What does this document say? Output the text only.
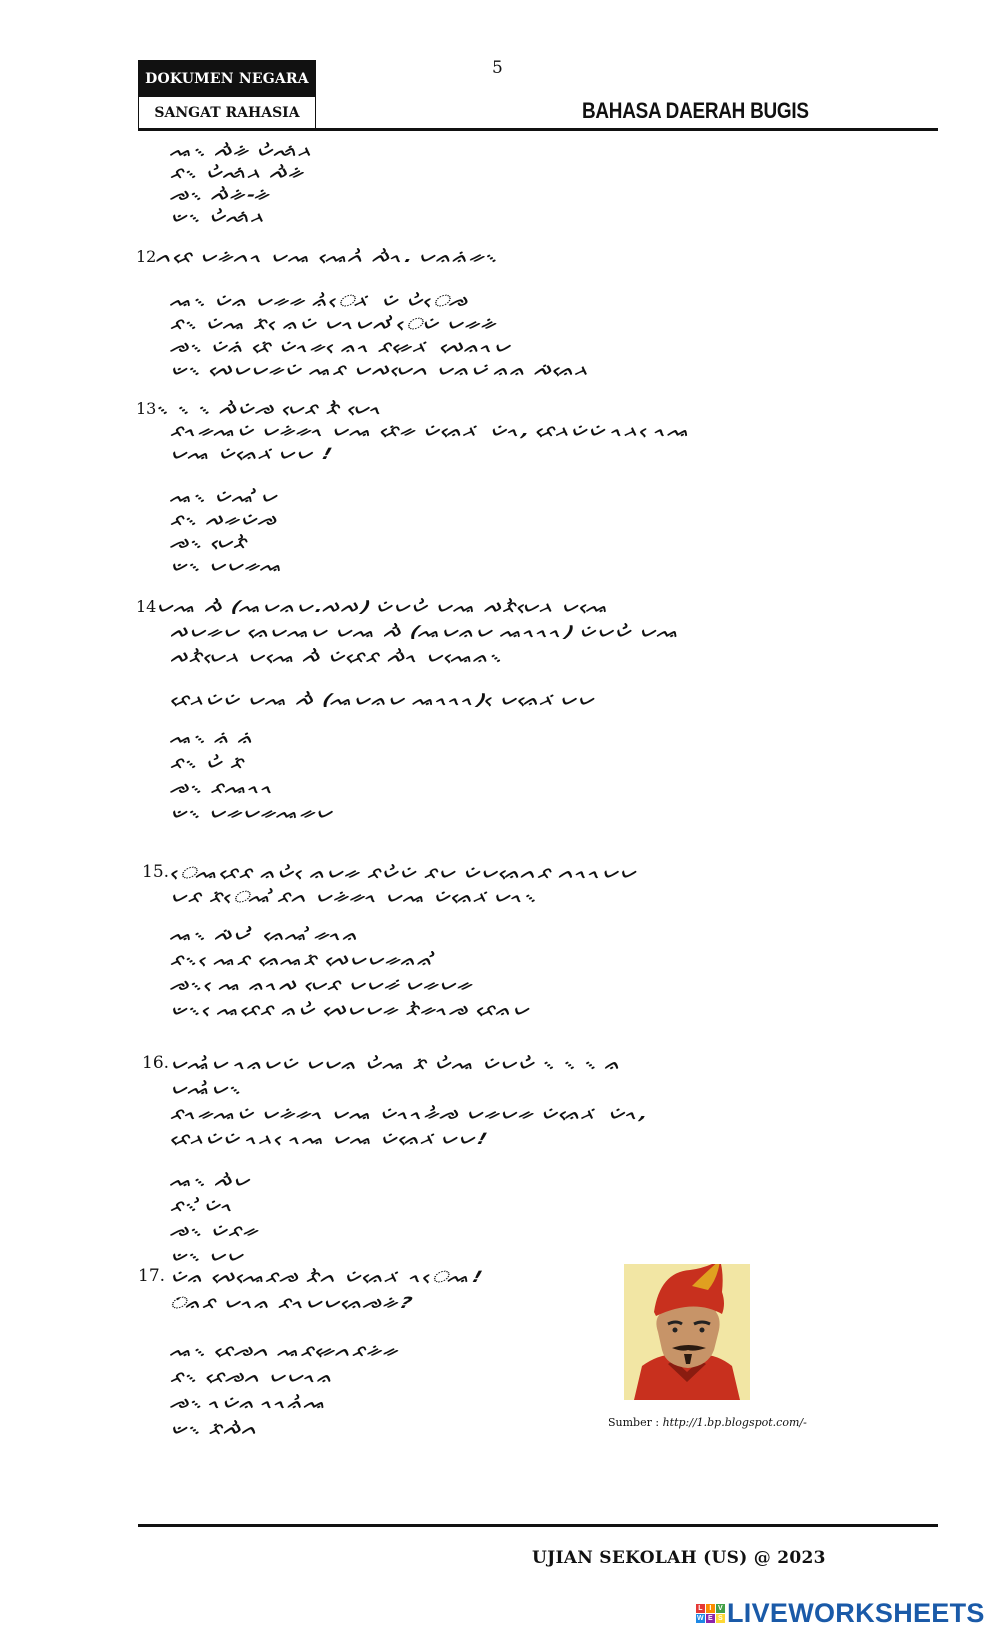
DOKUMEN NEGARA
SANGAT RAHASIA
5
BAHASA DAERAH BUGIS
ᨕ᨞ ᨄᨛᨀᨗ ᨆᨛᨒᨗᨂ
ᨅ᨞ ᨆᨛᨒᨗᨂ ᨄᨛᨀᨗ
ᨌ᨞ ᨄᨛᨀᨗ-ᨀᨗ
ᨉ᨞ ᨆᨛᨒᨗᨂ
12
ᨈᨅᨙ ᨆᨀᨗᨈᨚ ᨆᨕ ᨕᨙᨈᨛ ᨄᨛᨚ. ᨆᨊᨊᨗᨀ᨞
ᨕ᨞ ᨆᨗᨊ ᨆᨀᨀ ᨊᨛᨙᨂ ᨗ ᨆᨗᨗ ᨆᨛᨙᨌ
ᨅ᨞ ᨆᨗᨕ ᨅᨗ ᨙᨊᨆᨗ ᨆᨚᨆᨄ ᨛᨙᨆᨗ ᨆᨀᨀᨗ
ᨌ᨞ ᨆᨗᨊᨗ ᨅᨙᨗ ᨆᨗᨚᨀ ᨙᨊᨚ ᨅᨀᨙᨂ ᨗ ᨄᨙᨊᨚᨆ
ᨉ᨞ ᨄᨙᨆᨆᨀᨆᨗ ᨕᨅ ᨆᨄᨆᨙᨈ ᨆᨊᨆ ᨗᨊᨊ ᨄᨗᨊᨙᨂ
13
᨞ ᨞ ᨞ ᨄᨛᨆᨗᨗᨌ ᨆᨙᨅ ᨅᨛᨗ ᨆᨙᨚ
ᨅᨚᨀᨕᨆᨗ ᨆᨀᨗᨀᨚ ᨆᨕ ᨅᨙᨗᨀ ᨆᨗᨊᨙᨂ ᨗ ᨆᨗᨚ, ᨅᨙᨂᨆᨗᨆᨗ ᨚᨂ ᨙᨚᨕ
ᨆᨕ ᨆᨗᨊᨙᨂ ᨗᨆᨆ !
ᨕ᨞ ᨆᨗᨕ ᨛᨗᨆ
ᨅ᨞ ᨄᨀᨆᨗᨗᨌ
ᨌ᨞ ᨆᨙᨅᨛ
ᨉ᨞ ᨆᨆᨀᨕ
14
ᨆᨕ ᨄᨛᨗᨛ (ᨕᨆᨊᨆ.ᨄᨄ) ᨆᨗᨆᨆᨗᨛ ᨆᨕ ᨄᨅᨛᨆᨙᨂ ᨆᨕᨙ
ᨄᨆᨀᨆ ᨊᨙᨆᨕᨆ ᨆᨕ ᨄᨛᨛ (ᨕᨆᨊᨆ ᨕᨚᨚᨚ) ᨆᨗᨆᨆᨗᨛ ᨆᨕ
ᨄᨅᨛᨆᨙᨂ ᨆᨕᨙ ᨄᨛᨛ ᨆᨗᨅᨙᨅ ᨄᨛᨚ ᨆᨕᨙᨊ᨞
ᨅᨙᨂᨆᨗᨆᨗ ᨆᨕ ᨄᨛᨛ (ᨕᨆᨊᨆ ᨕᨚᨚᨚ) ᨙᨆᨊᨙᨂ ᨗᨆᨆ
ᨕ᨞ ᨊᨗ ᨊᨗ
ᨅ᨞ ᨆᨛ ᨅᨗ
ᨌ᨞ ᨅᨕᨚᨚ
ᨉ᨞ ᨆᨀᨆᨀᨕᨀᨆ
15.
ᨙᨕᨅᨙᨅ ᨊᨆᨛ ᨙᨊᨆᨀ ᨅᨆᨛᨆᨗ ᨅᨆ ᨆᨗᨆᨊᨙᨈᨅ ᨈᨚᨚᨆᨆ
ᨆᨅ ᨅᨗᨙᨕ ᨛᨅᨈ ᨆᨀᨗᨀᨚ ᨆᨕ ᨆᨗᨊᨙᨂ ᨗᨆᨚ᨞
ᨕ᨞ ᨄᨗᨆ ᨛᨛᨗ ᨊᨙᨕ ᨛᨀᨚᨊ
ᨅ᨞ ᨙᨕᨅ ᨊᨙᨕᨅᨗ ᨄᨙᨆᨆᨀᨊᨊ ᨛᨛ
ᨌ᨞ ᨙᨕ ᨊᨚᨄ ᨆᨙᨅ ᨆᨆᨀ ᨗᨆᨀᨆᨀ
ᨉ᨞ ᨙᨕᨅᨙᨅ ᨊᨆᨛ ᨄᨙᨆᨆᨀ ᨅᨛᨀᨚᨌ ᨅᨙᨊᨆ
16.
ᨆᨕᨛᨆ ᨚᨊᨆᨆᨗ ᨆᨆᨊ ᨆᨛᨕ ᨅᨗ ᨆᨛᨕ ᨆᨗᨆᨆᨗᨛ ᨞ ᨞ ᨞ ᨊ
ᨆᨕᨛᨆ᨞
ᨅᨚᨀᨕᨆᨗ ᨆᨀᨗᨀᨚ ᨆᨕ ᨆᨗᨚᨚᨀᨛᨌ ᨆᨀᨆᨀ ᨆᨗᨊᨙᨂ ᨗ ᨆᨗᨚ,
ᨅᨙᨂᨆᨗᨆᨗ ᨚᨂ ᨙᨚᨕ ᨆᨕ ᨆᨗᨊᨙᨂ ᨗᨆᨆ!
ᨕ᨞ ᨄᨛᨆ
ᨅ᨞ ᨛᨆᨗᨚ
ᨌ᨞ ᨆᨗᨅᨀ
ᨉ᨞ ᨆᨆ
17. ᨆᨗᨊ ᨄᨙᨕᨙᨅᨌ ᨅᨛᨈ ᨆᨗᨊᨙᨂ ᨗ ᨚᨙᨕ!
ᨗᨊᨅ ᨆᨚᨊ ᨅᨚᨆᨆᨊᨙᨌᨀᨗ?
ᨕ᨞ ᨅᨙᨌᨈ ᨕᨅᨀᨙᨈᨅᨀᨗᨀ
ᨅ᨞ ᨅᨙᨌᨈ ᨆᨆᨚᨊ
ᨌ᨞ ᨚᨆᨗᨊ ᨚᨚᨊᨛᨕ
ᨉ᨞ ᨅᨗᨄᨛᨈ	Sumber : http://1.bp.blogspot.com/-
UJIAN SEKOLAH (US) @ 2023
L I V
W E S LIVEWORKSHEETS
